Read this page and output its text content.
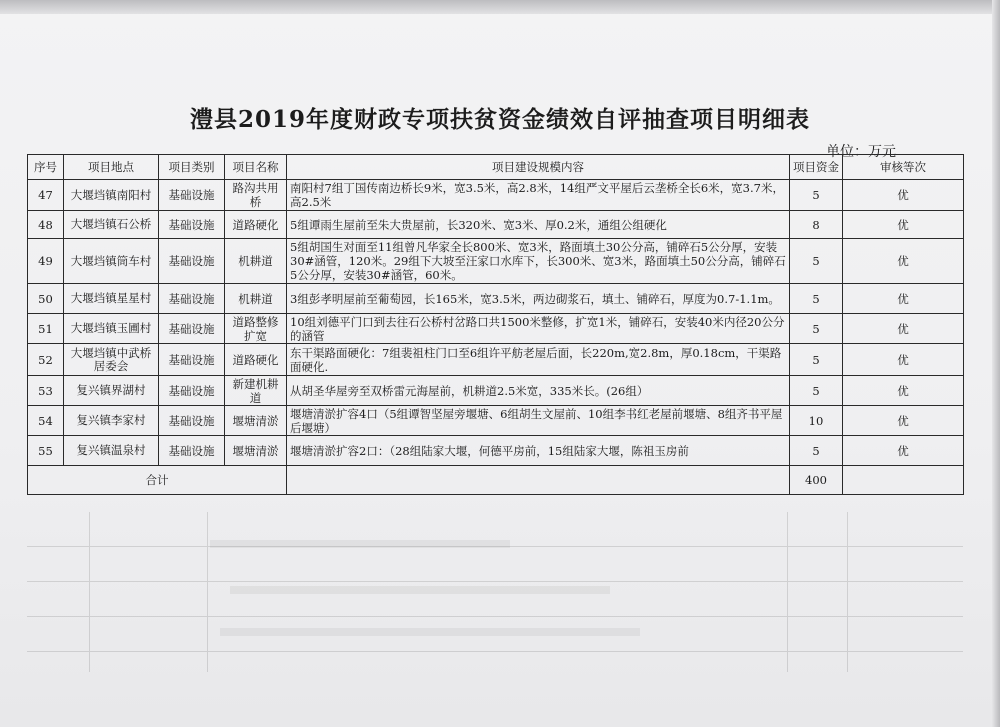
澧县2019年度财政专项扶贫资金绩效自评抽查项目明细表
单位：万元
序号	项目地点	项目类别	项目名称	项目建设规模内容	项目资金	审核等次
47	大堰垱镇南阳村	基础设施	路沟共用桥	南阳村7组丁国传南边桥长9米，宽3.5米，高2.8米，14组严文平屋后云垄桥全长6米，宽3.7米，高2.5米	5	优
48	大堰垱镇石公桥	基础设施	道路硬化	5组谭雨生屋前至朱大贵屋前，长320米、宽3米、厚0.2米，通组公组硬化	8	优
49	大堰垱镇筒车村	基础设施	机耕道	5组胡国生对面至11组曾凡华家全长800米、宽3米，路面填土30公分高，铺碎石5公分厚，安装30#涵管，120米。29组下大坡至汪家口水库下，长300米、宽3米，路面填土50公分高，铺碎石5公分厚，安装30#涵管，60米。	5	优
50	大堰垱镇星星村	基础设施	机耕道	3组彭孝明屋前至葡萄园，长165米，宽3.5米，两边砌浆石，填土、铺碎石，厚度为0.7-1.1m。	5	优
51	大堰垱镇玉圃村	基础设施	道路整修扩宽	10组刘德平门口到去往石公桥村岔路口共1500米整修，扩宽1米，铺碎石，安装40米内径20公分的涵管	5	优
52	大堰垱镇中武桥居委会	基础设施	道路硬化	东干渠路面硬化：7组裴祖柱门口至6组许平舫老屋后面，长220m,宽2.8m，厚0.18cm，干渠路面硬化.	5	优
53	复兴镇界湖村	基础设施	新建机耕道	从胡圣华屋旁至双桥雷元海屋前，机耕道2.5米宽，335米长。(26组）	5	优
54	复兴镇李家村	基础设施	堰塘清淤	堰塘清淤扩容4口（5组谭智坚屋旁堰塘、6组胡生文屋前、10组李书红老屋前堰塘、8组齐书平屋后堰塘）	10	优
55	复兴镇温泉村	基础设施	堰塘清淤	堰塘清淤扩容2口：（28组陆家大堰，何德平房前，15组陆家大堰，陈祖玉房前	5	优
合计					400	
